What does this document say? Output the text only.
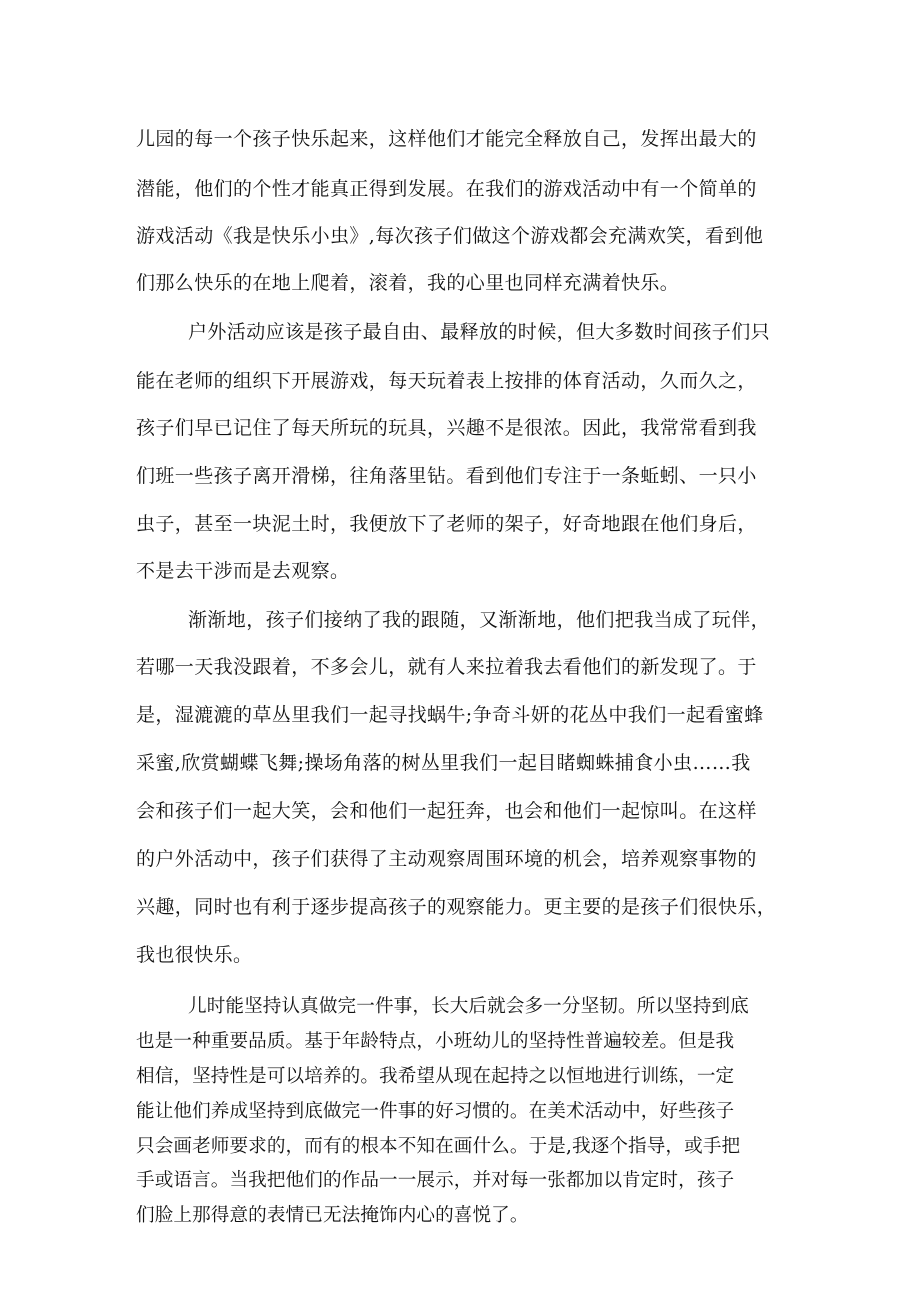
儿园的每一个孩子快乐起来，这样他们才能完全释放自己，发挥出最大的
潜能，他们的个性才能真正得到发展。在我们的游戏活动中有一个简单的
游戏活动《我是快乐小虫》,每次孩子们做这个游戏都会充满欢笑，看到他
们那么快乐的在地上爬着，滚着，我的心里也同样充满着快乐。
户外活动应该是孩子最自由、最释放的时候，但大多数时间孩子们只
能在老师的组织下开展游戏，每天玩着表上按排的体育活动，久而久之，
孩子们早已记住了每天所玩的玩具，兴趣不是很浓。因此，我常常看到我
们班一些孩子离开滑梯，往角落里钻。看到他们专注于一条蚯蚓、一只小
虫子，甚至一块泥土时，我便放下了老师的架子，好奇地跟在他们身后，
不是去干涉而是去观察。
渐渐地，孩子们接纳了我的跟随，又渐渐地，他们把我当成了玩伴，
若哪一天我没跟着，不多会儿，就有人来拉着我去看他们的新发现了。于
是，湿漉漉的草丛里我们一起寻找蜗牛;争奇斗妍的花丛中我们一起看蜜蜂
采蜜,欣赏蝴蝶飞舞;操场角落的树丛里我们一起目睹蜘蛛捕食小虫……我
会和孩子们一起大笑，会和他们一起狂奔，也会和他们一起惊叫。在这样
的户外活动中，孩子们获得了主动观察周围环境的机会，培养观察事物的
兴趣，同时也有利于逐步提高孩子的观察能力。更主要的是孩子们很快乐，
我也很快乐。
儿时能坚持认真做完一件事，长大后就会多一分坚韧。所以坚持到底
也是一种重要品质。基于年龄特点，小班幼儿的坚持性普遍较差。但是我
相信，坚持性是可以培养的。我希望从现在起持之以恒地进行训练，一定
能让他们养成坚持到底做完一件事的好习惯的。在美术活动中，好些孩子
只会画老师要求的，而有的根本不知在画什么。于是,我逐个指导，或手把
手或语言。当我把他们的作品一一展示，并对每一张都加以肯定时，孩子
们脸上那得意的表情已无法掩饰内心的喜悦了。
